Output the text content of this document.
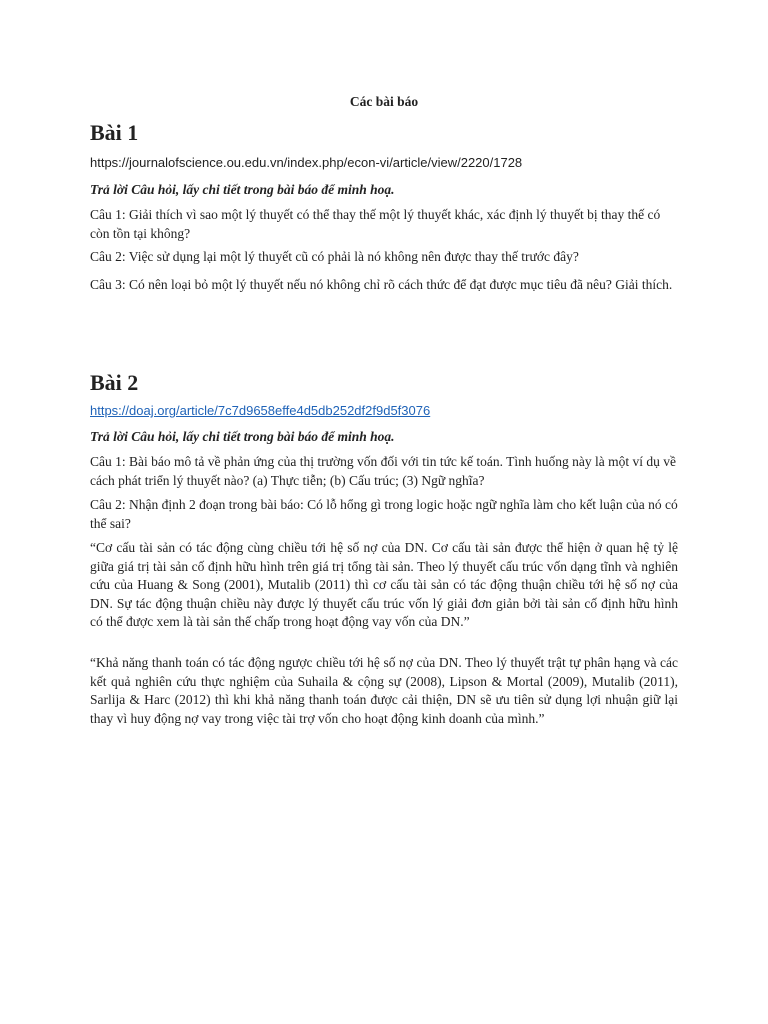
Các bài báo
Bài 1
https://journalofscience.ou.edu.vn/index.php/econ-vi/article/view/2220/1728
Trả lời Câu hỏi, lấy chi tiết trong bài báo để minh hoạ.
Câu 1: Giải thích vì sao một lý thuyết có thể thay thế một lý thuyết khác, xác định lý thuyết bị thay thế có còn tồn tại không?
Câu 2: Việc sử dụng lại một lý thuyết cũ có phải là nó không nên được thay thế trước đây?
Câu 3: Có nên loại bỏ một lý thuyết nếu nó không chỉ rõ cách thức để đạt được mục tiêu đã nêu? Giải thích.
Bài 2
https://doaj.org/article/7c7d9658effe4d5db252df2f9d5f3076
Trả lời Câu hỏi, lấy chi tiết trong bài báo để minh hoạ.
Câu 1: Bài báo mô tả về phản ứng của thị trường vốn đối với tin tức kế toán. Tình huống này là một ví dụ về cách phát triển lý thuyết nào? (a) Thực tiễn; (b) Cấu trúc; (3) Ngữ nghĩa?
Câu 2: Nhận định 2 đoạn trong bài báo: Có lỗ hổng gì trong logic hoặc ngữ nghĩa làm cho kết luận của nó có thể sai?
“Cơ cấu tài sản có tác động cùng chiều tới hệ số nợ của DN. Cơ cấu tài sản được thể hiện ở quan hệ tỷ lệ giữa giá trị tài sản cố định hữu hình trên giá trị tổng tài sản. Theo lý thuyết cấu trúc vốn dạng tĩnh và nghiên cứu của Huang & Song (2001), Mutalib (2011) thì cơ cấu tài sản có tác động thuận chiều tới hệ số nợ của DN. Sự tác động thuận chiều này được lý thuyết cấu trúc vốn lý giải đơn giản bởi tài sản cố định hữu hình có thể được xem là tài sản thế chấp trong hoạt động vay vốn của DN.”
“Khả năng thanh toán có tác động ngược chiều tới hệ số nợ của DN. Theo lý thuyết trật tự phân hạng và các kết quả nghiên cứu thực nghiệm của Suhaila & cộng sự (2008), Lipson & Mortal (2009), Mutalib (2011), Sarlija & Harc (2012) thì khi khả năng thanh toán được cải thiện, DN sẽ ưu tiên sử dụng lợi nhuận giữ lại thay vì huy động nợ vay trong việc tài trợ vốn cho hoạt động kinh doanh của mình.”
